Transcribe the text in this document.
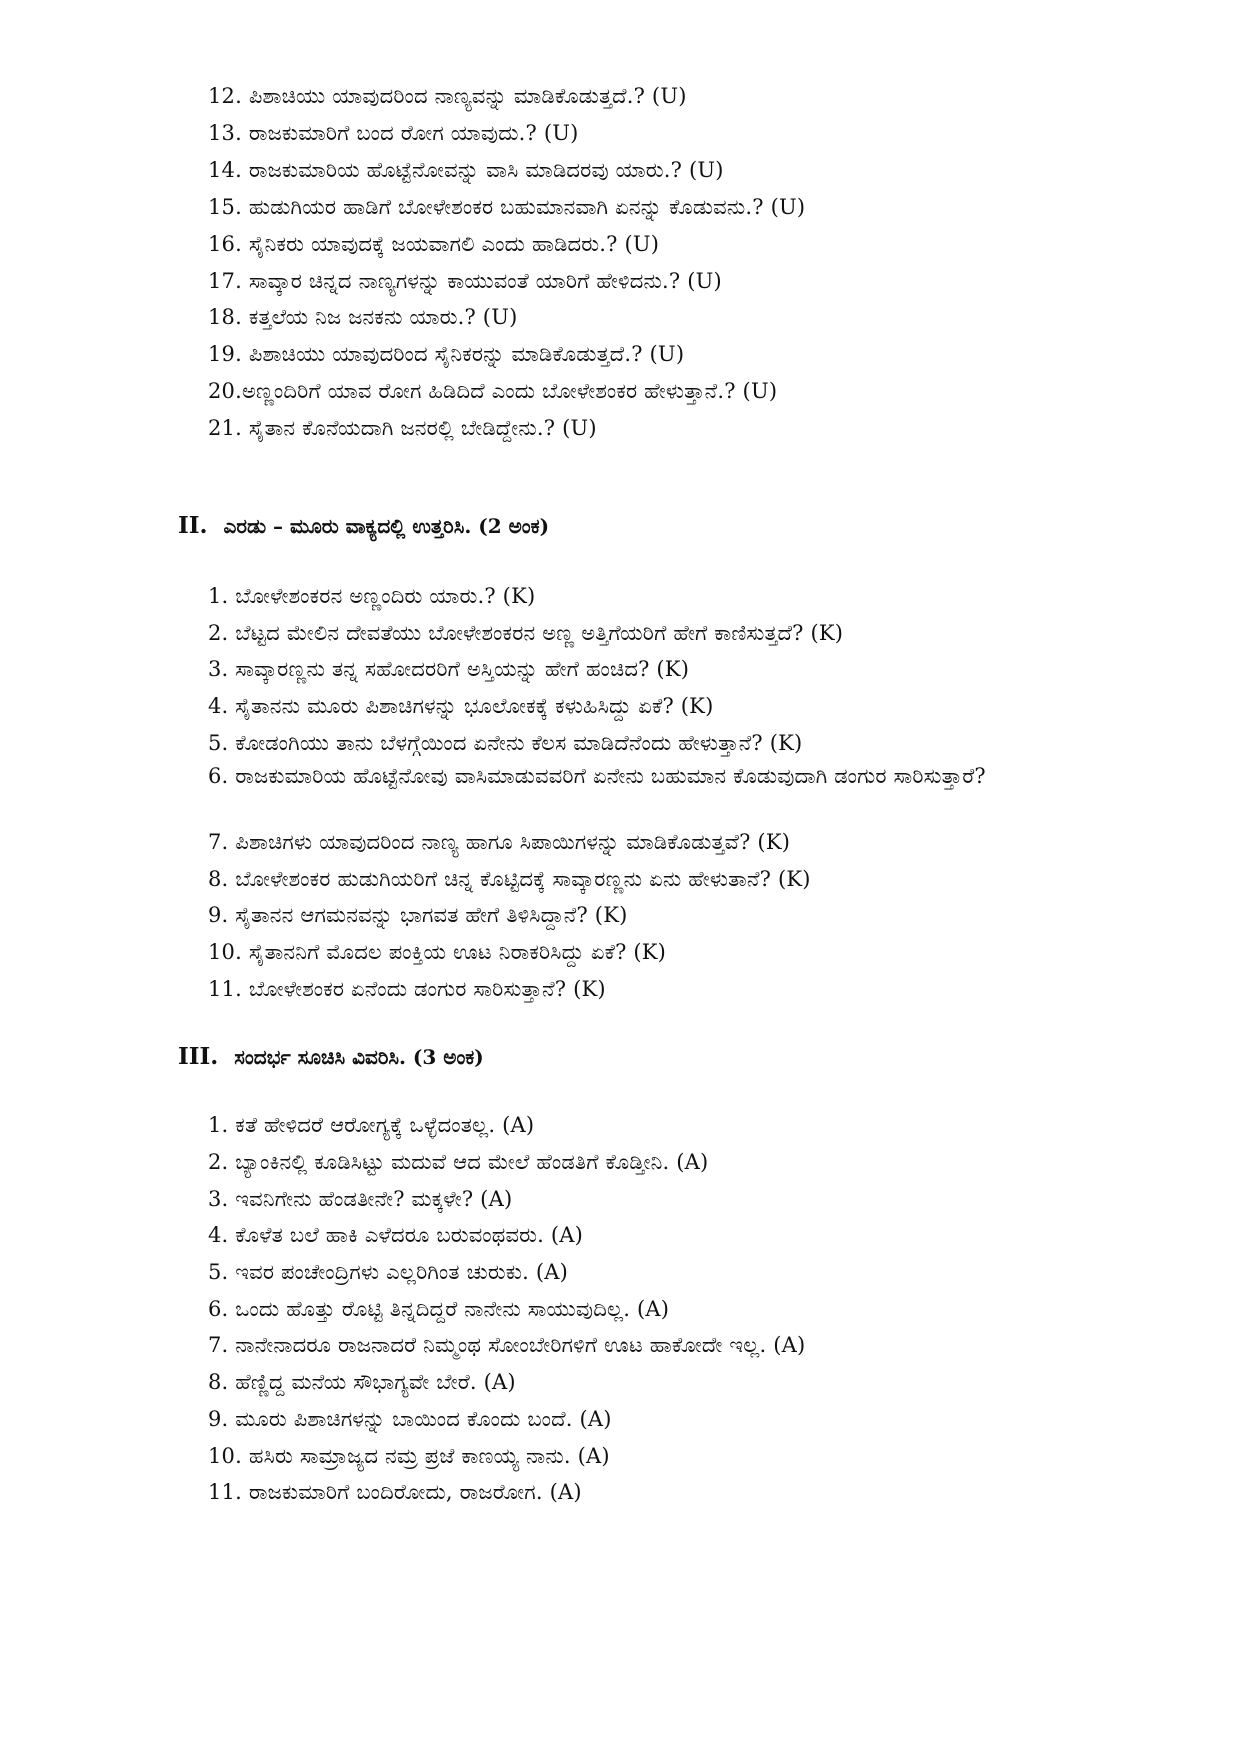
12. ಪಿಶಾಚಿಯು ಯಾವುದರಿಂದ ನಾಣ್ಯವನ್ನು ಮಾಡಿಕೊಡುತ್ತದೆ.? (U)
13. ರಾಜಕುಮಾರಿಗೆ ಬಂದ ರೋಗ ಯಾವುದು.? (U)
14. ರಾಜಕುಮಾರಿಯ ಹೊಟ್ಟೆನೋವನ್ನು ವಾಸಿ ಮಾಡಿದರವು ಯಾರು.? (U)
15. ಹುಡುಗಿಯರ ಹಾಡಿಗೆ ಬೋಳೇಶಂಕರ ಬಹುಮಾನವಾಗಿ ಏನನ್ನು ಕೊಡುವನು.? (U)
16. ಸೈನಿಕರು ಯಾವುದಕ್ಕೆ ಜಯವಾಗಲಿ ಎಂದು ಹಾಡಿದರು.? (U)
17. ಸಾವ್ಕಾರ ಚಿನ್ನದ ನಾಣ್ಯಗಳನ್ನು ಕಾಯುವಂತೆ ಯಾರಿಗೆ ಹೇಳಿದನು.? (U)
18. ಕತ್ತಲೆಯ ನಿಜ ಜನಕನು ಯಾರು.? (U)
19. ಪಿಶಾಚಿಯು ಯಾವುದರಿಂದ ಸೈನಿಕರನ್ನು ಮಾಡಿಕೊಡುತ್ತದೆ.? (U)
20.ಅಣ್ಣಂದಿರಿಗೆ ಯಾವ ರೋಗ ಹಿಡಿದಿದೆ ಎಂದು ಬೋಳೇಶಂಕರ ಹೇಳುತ್ತಾನೆ.? (U)
21. ಸೈತಾನ ಕೊನೆಯದಾಗಿ ಜನರಲ್ಲಿ ಬೇಡಿದ್ದೇನು.? (U)
II. ಎರಡು – ಮೂರು ವಾಕ್ಯದಲ್ಲಿ ಉತ್ತರಿಸಿ. (2 ಅಂಕ)
1. ಬೋಳೇಶಂಕರನ ಅಣ್ಣಂದಿರು ಯಾರು.? (K)
2. ಬೆಟ್ಟದ ಮೇಲಿನ ದೇವತೆಯು ಬೋಳೇಶಂಕರನ ಅಣ್ಣ ಅತ್ತಿಗೆಯರಿಗೆ ಹೇಗೆ ಕಾಣಿಸುತ್ತದೆ? (K)
3. ಸಾವ್ಕಾರಣ್ಣನು ತನ್ನ ಸಹೋದರರಿಗೆ ಅಸ್ತಿಯನ್ನು ಹೇಗೆ ಹಂಚಿದ? (K)
4. ಸೈತಾನನು ಮೂರು ಪಿಶಾಚಿಗಳನ್ನು ಭೂಲೋಕಕ್ಕೆ ಕಳುಹಿಸಿದ್ದು ಏಕೆ? (K)
5. ಕೋಡಂಗಿಯು ತಾನು ಬೆಳಗ್ಗೆಯಿಂದ ಏನೇನು ಕೆಲಸ ಮಾಡಿದೆನೆಂದು ಹೇಳುತ್ತಾನೆ? (K)
6. ರಾಜಕುಮಾರಿಯ ಹೊಟ್ಟೆನೋವು ವಾಸಿಮಾಡುವವರಿಗೆ ಏನೇನು ಬಹುಮಾನ ಕೊಡುವುದಾಗಿ ಡಂಗುರ ಸಾರಿಸುತ್ತಾರೆ?
7. ಪಿಶಾಚಿಗಳು ಯಾವುದರಿಂದ ನಾಣ್ಯ ಹಾಗೂ ಸಿಪಾಯಿಗಳನ್ನು ಮಾಡಿಕೊಡುತ್ತವೆ? (K)
8. ಬೋಳೇಶಂಕರ ಹುಡುಗಿಯರಿಗೆ ಚಿನ್ನ ಕೊಟ್ಟಿದಕ್ಕೆ ಸಾವ್ಕಾರಣ್ಣನು ಏನು ಹೇಳುತಾನೆ? (K)
9. ಸೈತಾನನ ಆಗಮನವನ್ನು ಭಾಗವತ ಹೇಗೆ ತಿಳಿಸಿದ್ದಾನೆ? (K)
10. ಸೈತಾನನಿಗೆ ಮೊದಲ ಪಂಕ್ತಿಯ ಊಟ ನಿರಾಕರಿಸಿದ್ದು ಏಕೆ? (K)
11. ಬೋಳೇಶಂಕರ ಏನೆಂದು ಡಂಗುರ ಸಾರಿಸುತ್ತಾನೆ? (K)
III. ಸಂದರ್ಭ ಸೂಚಿಸಿ ವಿವರಿಸಿ. (3 ಅಂಕ)
1. ಕತೆ ಹೇಳಿದರೆ ಆರೋಗ್ಯಕ್ಕೆ ಒಳ್ಳೆದಂತಲ್ಲ. (A)
2. ಬ್ಯಾಂಕಿನಲ್ಲಿ ಕೂಡಿಸಿಟ್ಟು ಮದುವೆ ಆದ ಮೇಲೆ ಹೆಂಡತಿಗೆ ಕೊಡ್ತೀನಿ. (A)
3. ಇವನಿಗೇನು ಹೆಂಡತೀನೇ? ಮಕ್ಕಳೇ? (A)
4. ಕೊಳೆತ ಬಲೆ ಹಾಕಿ ಎಳೆದರೂ ಬರುವಂಥವರು. (A)
5. ಇವರ ಪಂಚೇಂದ್ರಿಗಳು ಎಲ್ಲರಿಗಿಂತ ಚುರುಕು. (A)
6. ಒಂದು ಹೊತ್ತು ರೊಟ್ಟಿ ತಿನ್ನದಿದ್ದರೆ ನಾನೇನು ಸಾಯುವುದಿಲ್ಲ. (A)
7. ನಾನೇನಾದರೂ ರಾಜನಾದರೆ ನಿಮ್ಮಂಥ ಸೋಂಬೇರಿಗಳಿಗೆ ಊಟ ಹಾಕೋದೇ ಇಲ್ಲ. (A)
8. ಹೆಣ್ಣಿದ್ದ ಮನೆಯ ಸೌಭಾಗ್ಯವೇ ಬೇರೆ. (A)
9. ಮೂರು ಪಿಶಾಚಿಗಳನ್ನು ಬಾಯಿಂದ ಕೊಂದು ಬಂದೆ. (A)
10. ಹಸಿರು ಸಾಮ್ರಾಜ್ಯದ ನಮ್ರ ಪ್ರಜೆ ಕಾಣಯ್ಯ ನಾನು. (A)
11. ರಾಜಕುಮಾರಿಗೆ ಬಂದಿರೋದು, ರಾಜರೋಗ. (A)
